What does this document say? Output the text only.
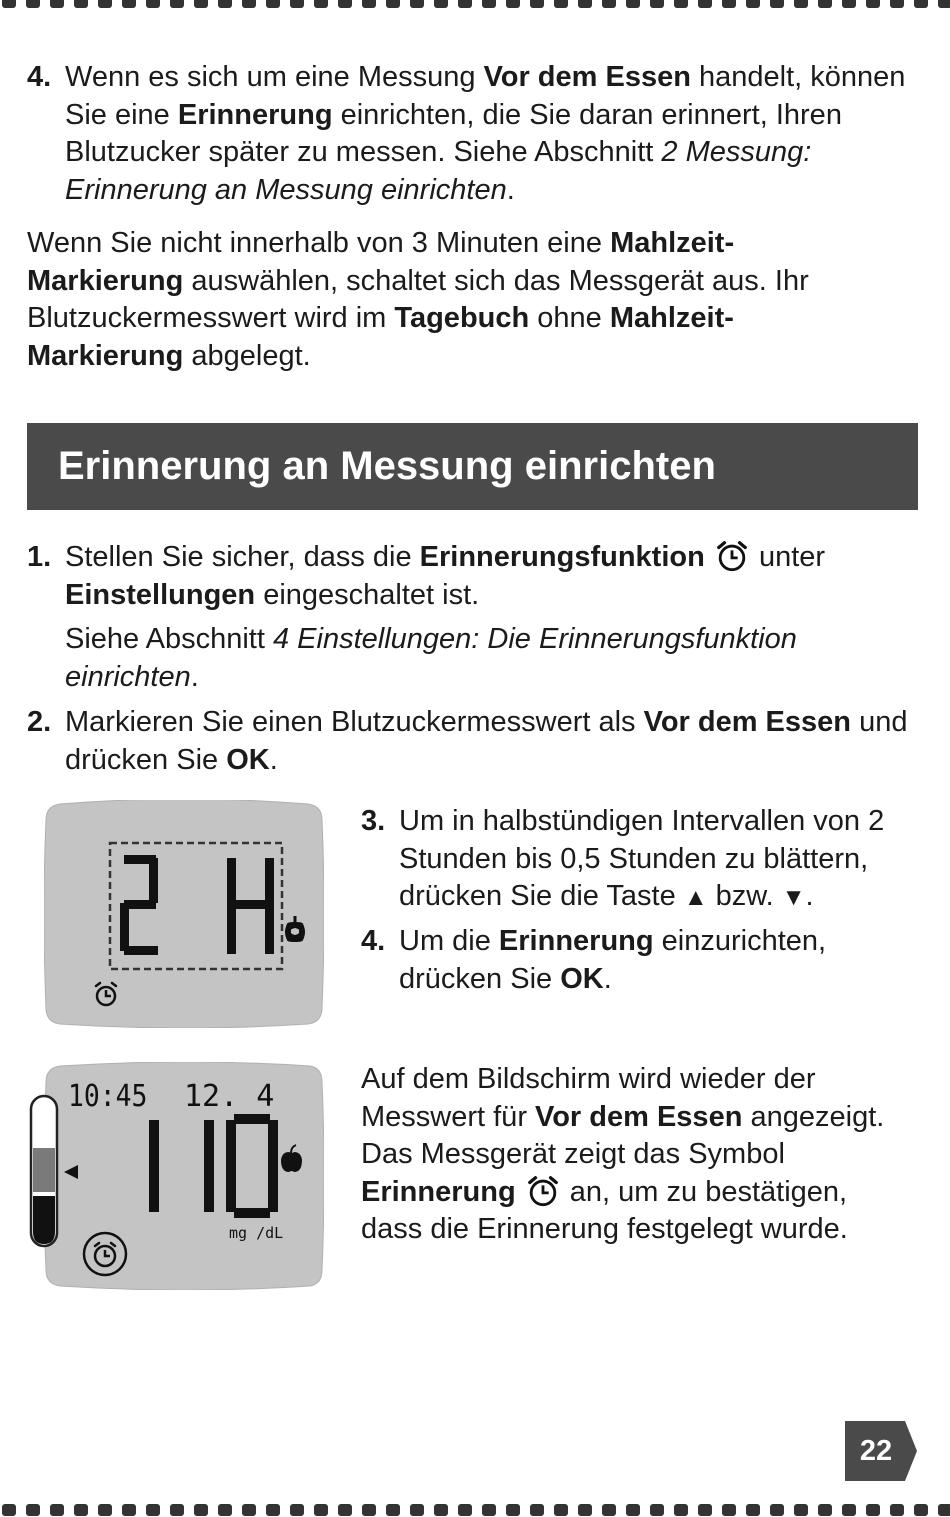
4. Wenn es sich um eine Messung Vor dem Essen handelt, können Sie eine Erinnerung einrichten, die Sie daran erinnert, Ihren Blutzucker später zu messen. Siehe Abschnitt 2 Messung: Erinnerung an Messung einrichten.
Wenn Sie nicht innerhalb von 3 Minuten eine Mahlzeit-Markierung auswählen, schaltet sich das Messgerät aus. Ihr Blutzuckermesswert wird im Tagebuch ohne Mahlzeit-Markierung abgelegt.
Erinnerung an Messung einrichten
1. Stellen Sie sicher, dass die Erinnerungsfunktion  unter Einstellungen eingeschaltet ist.
Siehe Abschnitt 4 Einstellungen: Die Erinnerungsfunktion einrichten.
2. Markieren Sie einen Blutzuckermesswert als Vor dem Essen und drücken Sie OK.
3. Um in halbstündigen Intervallen von 2 Stunden bis 0,5 Stunden zu blättern, drücken Sie die Taste ▲ bzw. ▼.
4. Um die Erinnerung einzurichten, drücken Sie OK.
10:45 12. 4
mg /dL
Auf dem Bildschirm wird wieder der Messwert für Vor dem Essen angezeigt. Das Messgerät zeigt das Symbol Erinnerung  an, um zu bestätigen, dass die Erinnerung festgelegt wurde.
22
